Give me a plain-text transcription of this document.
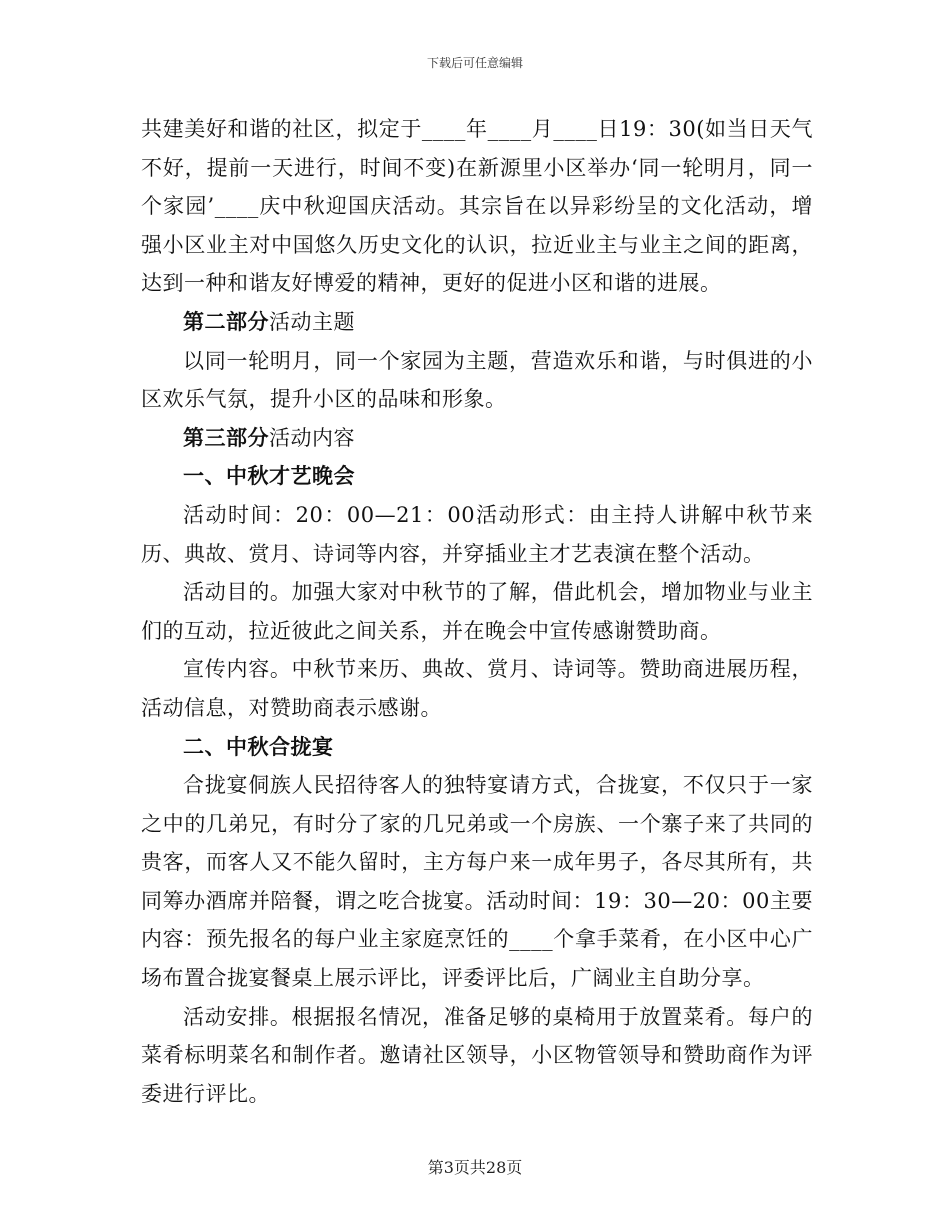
下载后可任意编辑

共建美好和谐的社区，拟定于____年____月____日19：30(如当日天气不好，提前一天进行，时间不变)在新源里小区举办‘同一轮明月，同一个家园’____庆中秋迎国庆活动。其宗旨在以异彩纷呈的文化活动，增强小区业主对中国悠久历史文化的认识，拉近业主与业主之间的距离，达到一种和谐友好博爱的精神，更好的促进小区和谐的进展。

第二部分活动主题

以同一轮明月，同一个家园为主题，营造欢乐和谐，与时俱进的小区欢乐气氛，提升小区的品味和形象。

第三部分活动内容

一、中秋才艺晚会

活动时间：20：00—21：00活动形式：由主持人讲解中秋节来历、典故、赏月、诗词等内容，并穿插业主才艺表演在整个活动。

活动目的。加强大家对中秋节的了解，借此机会，增加物业与业主们的互动，拉近彼此之间关系，并在晚会中宣传感谢赞助商。

宣传内容。中秋节来历、典故、赏月、诗词等。赞助商进展历程，活动信息，对赞助商表示感谢。

二、中秋合拢宴

合拢宴侗族人民招待客人的独特宴请方式，合拢宴，不仅只于一家之中的几弟兄，有时分了家的几兄弟或一个房族、一个寨子来了共同的贵客，而客人又不能久留时，主方每户来一成年男子，各尽其所有，共同筹办酒席并陪餐，谓之吃合拢宴。活动时间：19：30—20：00主要内容：预先报名的每户业主家庭烹饪的____个拿手菜肴，在小区中心广场布置合拢宴餐桌上展示评比，评委评比后，广阔业主自助分享。

活动安排。根据报名情况，准备足够的桌椅用于放置菜肴。每户的菜肴标明菜名和制作者。邀请社区领导，小区物管领导和赞助商作为评委进行评比。

第3页共28页
